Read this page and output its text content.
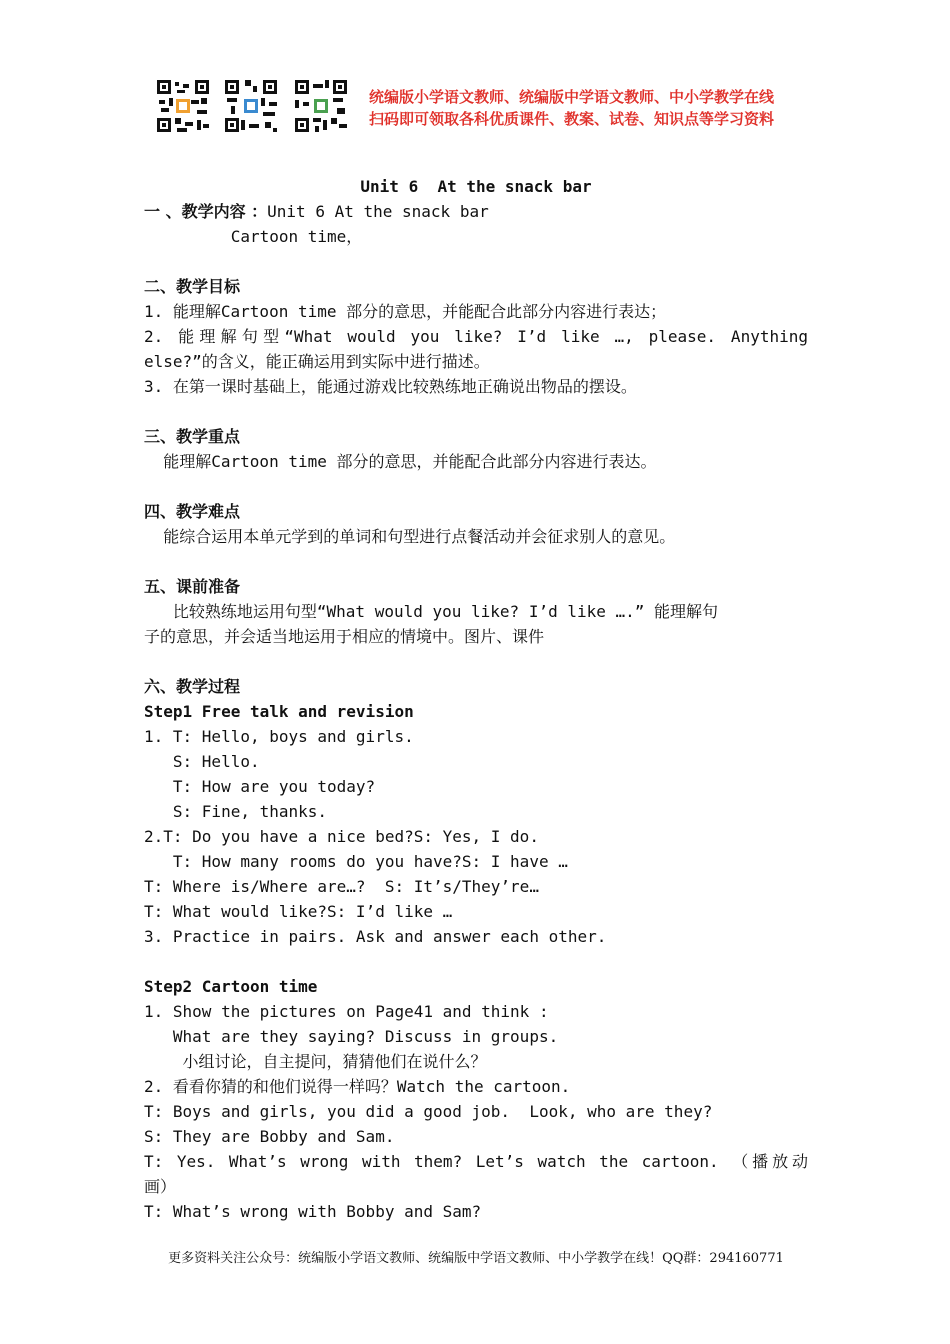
统编版小学语文教师、统编版中学语文教师、中小学教学在线
扫码即可领取各科优质课件、教案、试卷、知识点等学习资料
Unit 6  At the snack bar
一 、教学内容 ：Unit 6 At the snack bar
Cartoon time，
二、教学目标
1. 能理解Cartoon time 部分的意思，并能配合此部分内容进行表达；
2. 能理解句型“What would you like? I’d like …, please. Anything
else?”的含义，能正确运用到实际中进行描述。
3. 在第一课时基础上，能通过游戏比较熟练地正确说出物品的摆设。
三、教学重点
能理解Cartoon time 部分的意思，并能配合此部分内容进行表达。
四、教学难点
能综合运用本单元学到的单词和句型进行点餐活动并会征求别人的意见。
五、课前准备
比较熟练地运用句型“What would you like? I’d like ….” 能理解句
子的意思，并会适当地运用于相应的情境中。图片、课件
六、教学过程
Step1 Free talk and revision
1. T: Hello, boys and girls.
S: Hello.
T: How are you today?
S: Fine, thanks.
2.T: Do you have a nice bed?S: Yes, I do.
T: How many rooms do you have?S: I have …
T: Where is/Where are…?  S: It’s/They’re…
T: What would like?S: I’d like …
3. Practice in pairs. Ask and answer each other.
Step2 Cartoon time
1. Show the pictures on Page41 and think :
What are they saying? Discuss in groups.
小组讨论，自主提问，猜猜他们在说什么？
2. 看看你猜的和他们说得一样吗？Watch the cartoon.
T: Boys and girls, you did a good job.  Look, who are they?
S: They are Bobby and Sam.
T: Yes. What’s wrong with them? Let’s watch the cartoon. （播放动
画）
T: What’s wrong with Bobby and Sam?
更多资料关注公众号：统编版小学语文教师、统编版中学语文教师、中小学教学在线！QQ群：294160771
